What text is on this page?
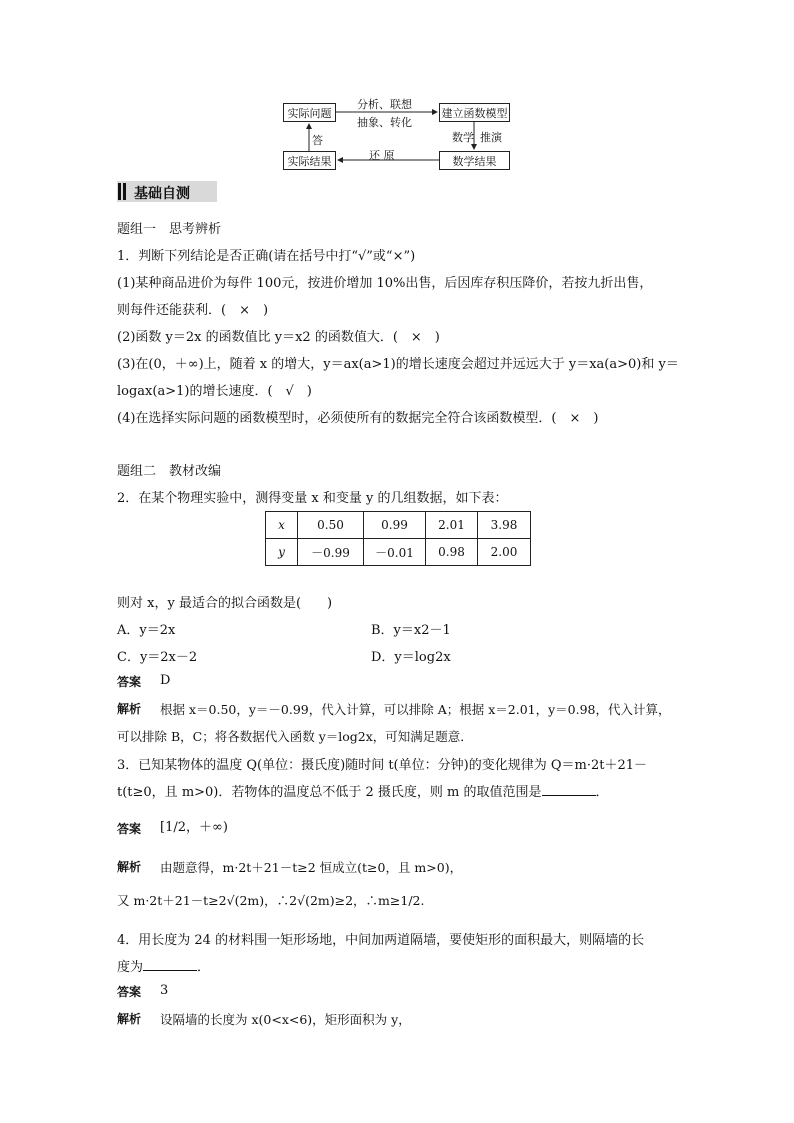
实际问题	建立函数模型
实际结果	数学结果
分析、联想
抽象、转化
数学 推演
还 原
答
基础自测
题组一　思考辨析
1．判断下列结论是否正确(请在括号中打“√”或“×”)
(1)某种商品进价为每件 100元，按进价增加 10%出售，后因库存积压降价，若按九折出售，
则每件还能获利．(　×　)
(2)函数 y＝2x 的函数值比 y＝x2 的函数值大．(　×　)
(3)在(0，＋∞)上，随着 x 的增大，y＝ax(a>1)的增长速度会超过并远远大于 y＝xa(a>0)和 y＝
logax(a>1)的增长速度．(　√　)
(4)在选择实际问题的函数模型时，必须使所有的数据完全符合该函数模型．(　×　)
题组二　教材改编
2．在某个物理实验中，测得变量 x 和变量 y 的几组数据，如下表：
x	0.50	0.99	2.01	3.98
y	－0.99	－0.01	0.98	2.00
则对 x，y 最适合的拟合函数是(　　)
A．y＝2x	B．y＝x2－1
C．y＝2x－2	D．y＝log2x
答案 D
解析 根据 x＝0.50，y＝－0.99，代入计算，可以排除 A；根据 x＝2.01，y＝0.98，代入计算，
可以排除 B，C；将各数据代入函数 y＝log2x，可知满足题意．
3．已知某物体的温度 Q(单位：摄氏度)随时间 t(单位：分钟)的变化规律为 Q＝m·2t＋21－
t(t≥0，且 m>0)．若物体的温度总不低于 2 摄氏度，则 m 的取值范围是	．
答案 [1/2，＋∞)
解析 由题意得，m·2t＋21－t≥2 恒成立(t≥0，且 m>0)，
又 m·2t＋21－t≥2√(2m)，∴2√(2m)≥2，∴m≥1/2.
4．用长度为 24 的材料围一矩形场地，中间加两道隔墙，要使矩形的面积最大，则隔墙的长
度为	．
答案 3
解析 设隔墙的长度为 x(0<x<6)，矩形面积为 y，
